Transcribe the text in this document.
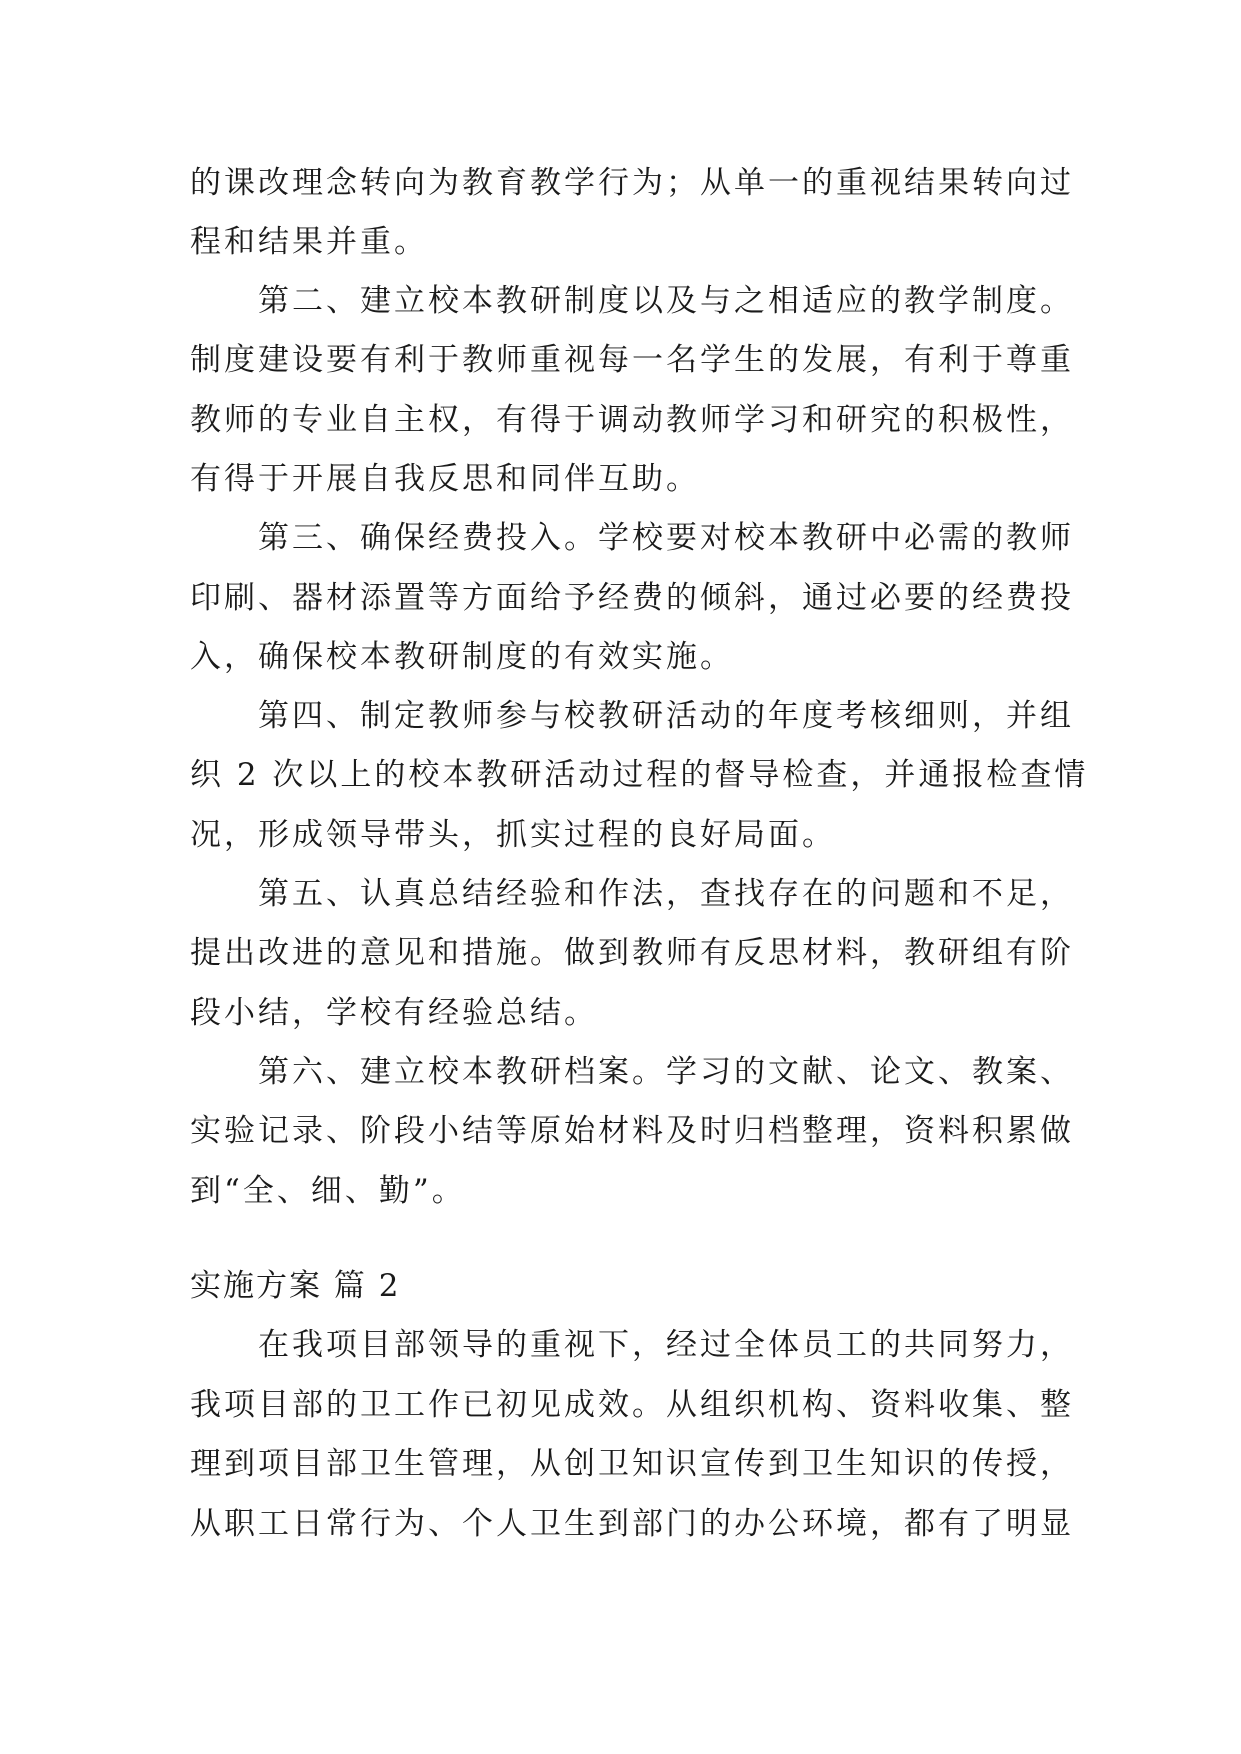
的课改理念转向为教育教学行为；从单一的重视结果转向过
程和结果并重。
第二、建立校本教研制度以及与之相适应的教学制度。
制度建设要有利于教师重视每一名学生的发展，有利于尊重
教师的专业自主权，有得于调动教师学习和研究的积极性，
有得于开展自我反思和同伴互助。
第三、确保经费投入。学校要对校本教研中必需的教师
印刷、器材添置等方面给予经费的倾斜，通过必要的经费投
入，确保校本教研制度的有效实施。
第四、制定教师参与校教研活动的年度考核细则，并组
织 2 次以上的校本教研活动过程的督导检查，并通报检查情
况，形成领导带头，抓实过程的良好局面。
第五、认真总结经验和作法，查找存在的问题和不足，
提出改进的意见和措施。做到教师有反思材料，教研组有阶
段小结，学校有经验总结。
第六、建立校本教研档案。学习的文献、论文、教案、
实验记录、阶段小结等原始材料及时归档整理，资料积累做
到“全、细、勤”。
实施方案 篇 2
在我项目部领导的重视下，经过全体员工的共同努力，
我项目部的卫工作已初见成效。从组织机构、资料收集、整
理到项目部卫生管理，从创卫知识宣传到卫生知识的传授，
从职工日常行为、个人卫生到部门的办公环境，都有了明显
